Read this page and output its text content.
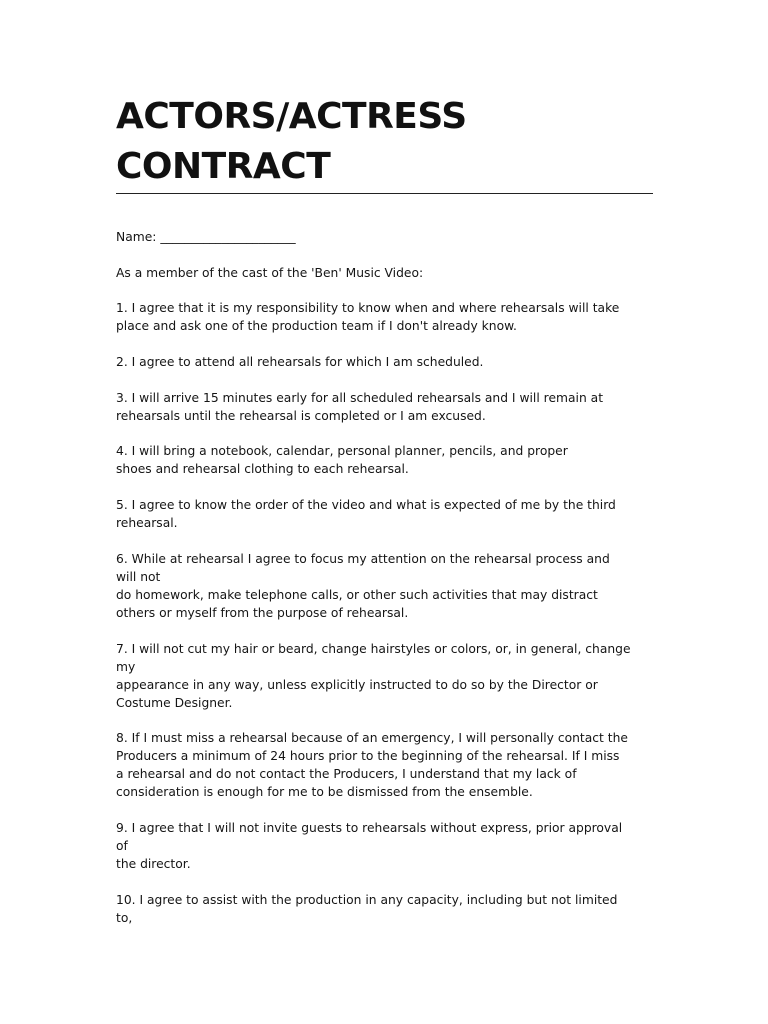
ACTORS/ACTRESS
CONTRACT

Name: ______________________

As a member of the cast of the 'Ben' Music Video:

1. I agree that it is my responsibility to know when and where rehearsals will take
place and ask one of the production team if I don't already know.

2. I agree to attend all rehearsals for which I am scheduled.

3. I will arrive 15 minutes early for all scheduled rehearsals and I will remain at
rehearsals until the rehearsal is completed or I am excused.

4. I will bring a notebook, calendar, personal planner, pencils, and proper
shoes and rehearsal clothing to each rehearsal.

5. I agree to know the order of the video and what is expected of me by the third
rehearsal.

6. While at rehearsal I agree to focus my attention on the rehearsal process and
will not
do homework, make telephone calls, or other such activities that may distract
others or myself from the purpose of rehearsal.

7. I will not cut my hair or beard, change hairstyles or colors, or, in general, change
my
appearance in any way, unless explicitly instructed to do so by the Director or
Costume Designer.

8. If I must miss a rehearsal because of an emergency, I will personally contact the
Producers a minimum of 24 hours prior to the beginning of the rehearsal. If I miss
a rehearsal and do not contact the Producers, I understand that my lack of
consideration is enough for me to be dismissed from the ensemble.

9. I agree that I will not invite guests to rehearsals without express, prior approval
of
the director.

10. I agree to assist with the production in any capacity, including but not limited
to,
